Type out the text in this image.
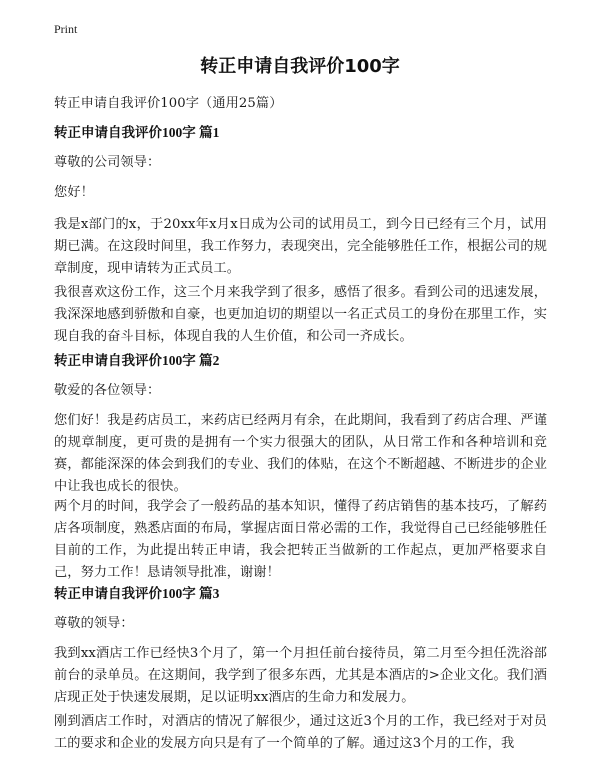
Print
转正申请自我评价100字

转正申请自我评价100字（通用25篇）

转正申请自我评价100字 篇1

尊敬的公司领导：

您好！

我是x部门的x，于20xx年x月x日成为公司的试用员工，到今日已经有三个月，试用期已满。在这段时间里，我工作努力，表现突出，完全能够胜任工作，根据公司的规章制度，现申请转为正式员工。

我很喜欢这份工作，这三个月来我学到了很多，感悟了很多。看到公司的迅速发展，我深深地感到骄傲和自豪，也更加迫切的期望以一名正式员工的身份在那里工作，实现自我的奋斗目标，体现自我的人生价值，和公司一齐成长。

转正申请自我评价100字 篇2

敬爱的各位领导：

您们好！我是药店员工，来药店已经两月有余，在此期间，我看到了药店合理、严谨的规章制度，更可贵的是拥有一个实力很强大的团队，从日常工作和各种培训和竞赛，都能深深的体会到我们的专业、我们的体贴，在这个不断超越、不断进步的企业中让我也成长的很快。

两个月的时间，我学会了一般药品的基本知识，懂得了药店销售的基本技巧，了解药店各项制度，熟悉店面的布局，掌握店面日常必需的工作，我觉得自己已经能够胜任目前的工作，为此提出转正申请，我会把转正当做新的工作起点，更加严格要求自己，努力工作！恳请领导批准，谢谢！

转正申请自我评价100字 篇3

尊敬的领导：

我到xx酒店工作已经快3个月了，第一个月担任前台接待员，第二月至今担任洗浴部前台的录单员。在这期间，我学到了很多东西，尤其是本酒店的>企业文化。我们酒店现正处于快速发展期，足以证明xx酒店的生命力和发展力。

刚到酒店工作时，对酒店的情况了解很少，通过这近3个月的工作，我已经对于对员工的要求和企业的发展方向只是有了一个简单的了解。通过这3个月的工作，我
